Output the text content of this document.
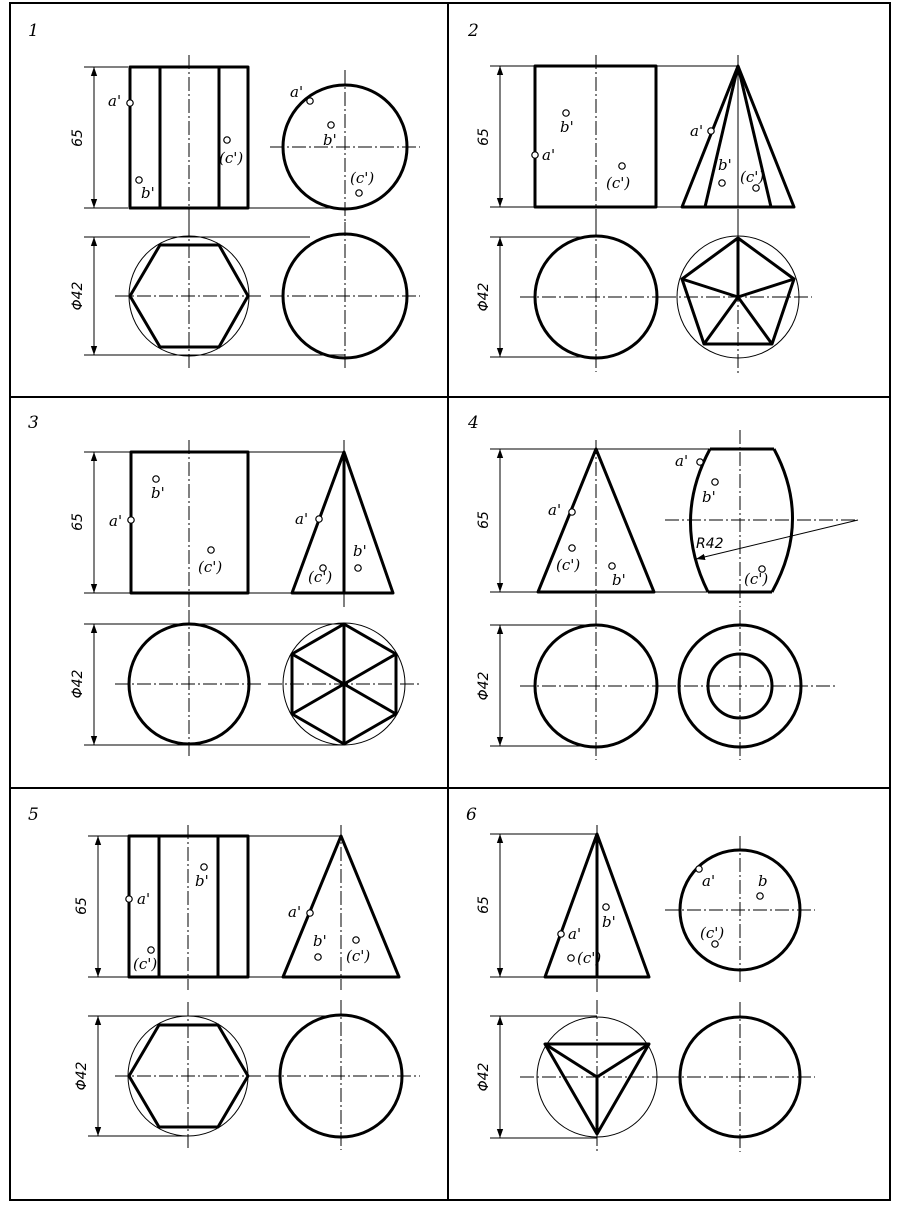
1
65
a'
b'
(c')
a'
b'
(c')
Φ42
2
65
b'
a'
(c')
a'
b'
(c')
Φ42
3
65
b'
a'
(c')
a'
(c')
b'
Φ42
4
65
R42
a'
(c')
b'
a'
b'
(c')
Φ42
5
65	a'
b'
(c')
a'
b'
(c')
Φ42
6
65
a'
b'
(c')
a'	b
(c')
Φ42
